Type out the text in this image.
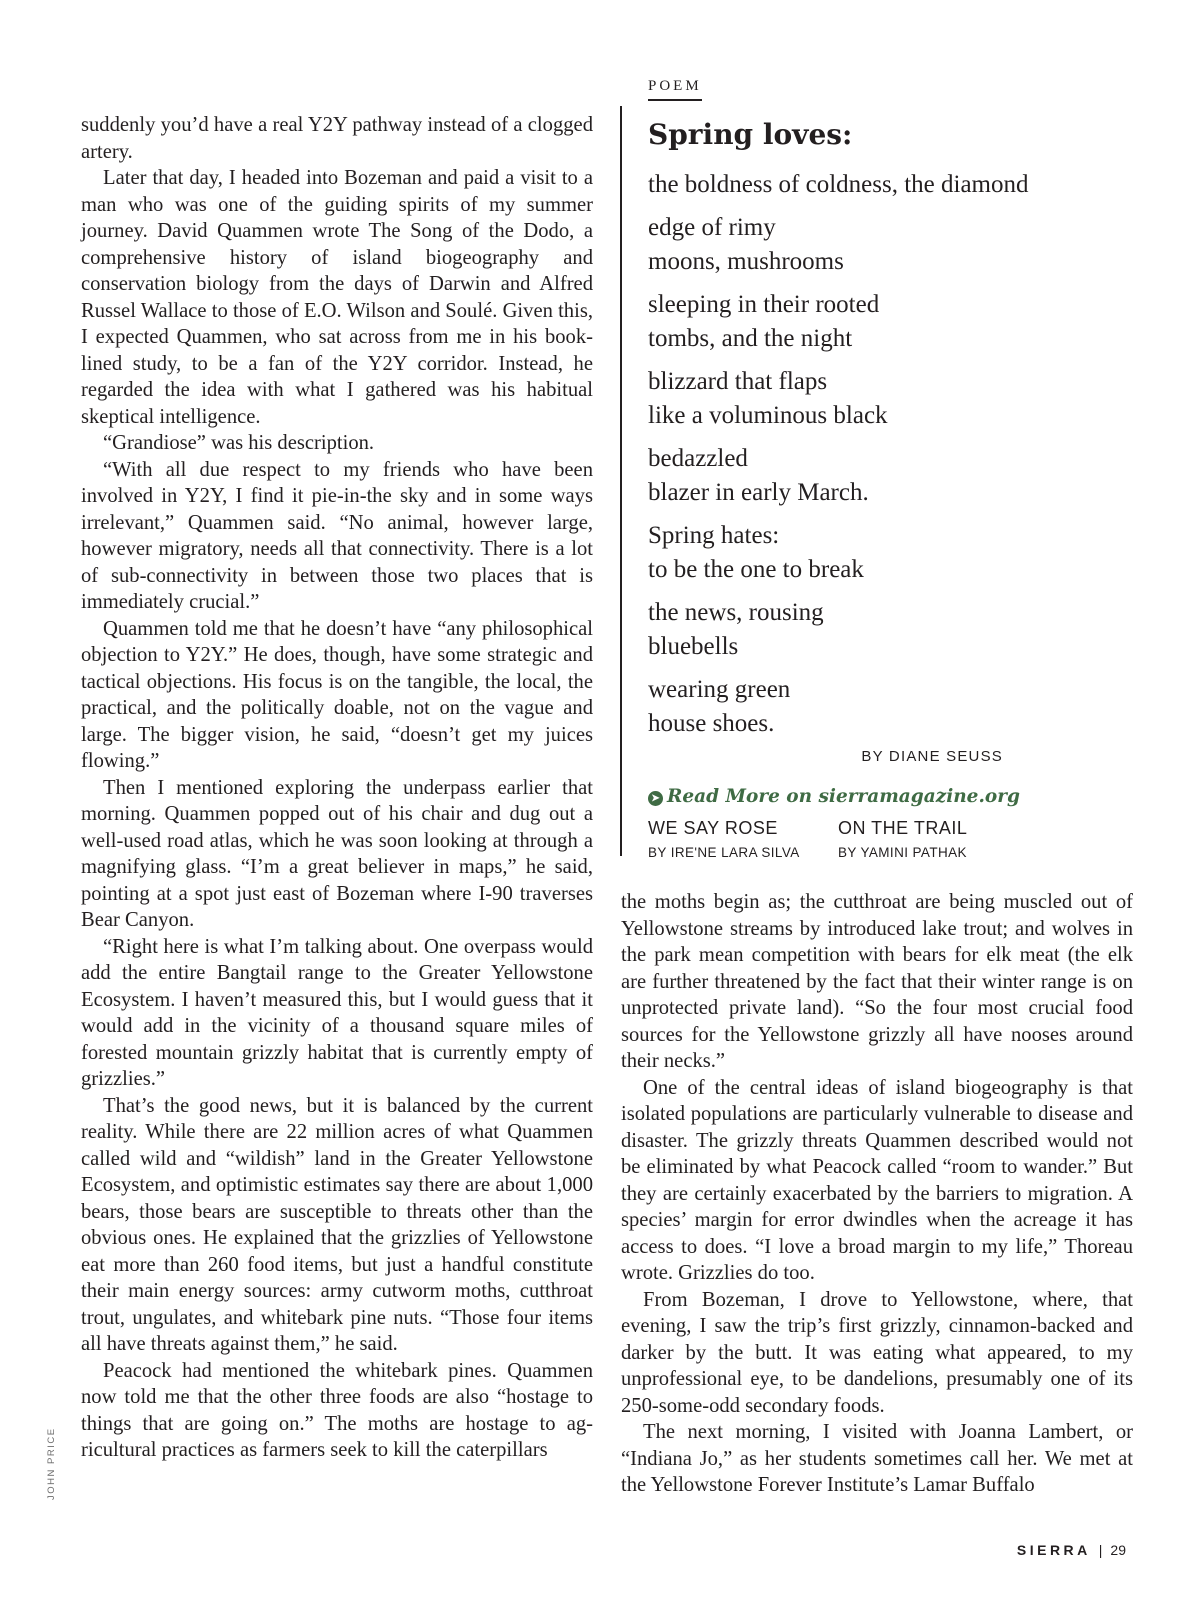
suddenly you’d have a real Y2Y pathway instead of a clogged artery.

Later that day, I headed into Bozeman and paid a visit to a man who was one of the guiding spirits of my summer journey. David Quammen wrote The Song of the Dodo, a comprehensive history of island biogeography and conservation biology from the days of Darwin and Alfred Russel Wallace to those of E.O. Wilson and Soulé. Given this, I expected Quammen, who sat across from me in his book-lined study, to be a fan of the Y2Y corridor. Instead, he regarded the idea with what I gathered was his habitual skeptical intelligence.

“Grandiose” was his description.

“With all due respect to my friends who have been involved in Y2Y, I find it pie-in-the sky and in some ways irrelevant,” Quammen said. “No animal, however large, however migratory, needs all that connectivity. There is a lot of sub-connectivity in between those two places that is immediately crucial.”

Quammen told me that he doesn’t have “any philosophical objection to Y2Y.” He does, though, have some strategic and tactical objections. His focus is on the tangible, the local, the practical, and the politically doable, not on the vague and large. The bigger vision, he said, “doesn’t get my juices flowing.”

Then I mentioned exploring the underpass earlier that morning. Quammen popped out of his chair and dug out a well-used road atlas, which he was soon looking at through a magnifying glass. “I’m a great believer in maps,” he said, pointing at a spot just east of Bozeman where I-90 traverses Bear Canyon.

“Right here is what I’m talking about. One overpass would add the entire Bangtail range to the Greater Yellowstone Ecosystem. I haven’t measured this, but I would guess that it would add in the vicinity of a thousand square miles of forested mountain grizzly habitat that is currently empty of grizzlies.”

That’s the good news, but it is balanced by the current reality. While there are 22 million acres of what Quammen called wild and “wildish” land in the Greater Yellowstone Ecosystem, and optimistic estimates say there are about 1,000 bears, those bears are susceptible to threats other than the obvious ones. He explained that the grizzlies of Yellowstone eat more than 260 food items, but just a handful constitute their main energy sources: army cutworm moths, cutthroat trout, ungulates, and whitebark pine nuts. “Those four items all have threats against them,” he said.

Peacock had mentioned the whitebark pines. Quammen now told me that the other three foods are also “hostage to things that are going on.” The moths are hostage to agricultural practices as farmers seek to kill the caterpillars

POEM
Spring loves:
the boldness of coldness, the diamond
edge of rimy
moons, mushrooms
sleeping in their rooted
tombs, and the night
blizzard that flaps
like a voluminous black
bedazzled
blazer in early March.
Spring hates:
to be the one to break
the news, rousing
bluebells
wearing green
house shoes.
BY DIANE SEUSS
➤ Read More on sierramagazine.org
WE SAY ROSE
BY IRE'NE LARA SILVA
ON THE TRAIL
BY YAMINI PATHAK

the moths begin as; the cutthroat are being muscled out of Yellowstone streams by introduced lake trout; and wolves in the park mean competition with bears for elk meat (the elk are further threatened by the fact that their winter range is on unprotected private land). “So the four most crucial food sources for the Yellowstone grizzly all have nooses around their necks.”

One of the central ideas of island biogeography is that isolated populations are particularly vulnerable to disease and disaster. The grizzly threats Quammen described would not be eliminated by what Peacock called “room to wander.” But they are certainly exacerbated by the barriers to migration. A species’ margin for error dwindles when the acreage it has access to does. “I love a broad margin to my life,” Thoreau wrote. Grizzlies do too.

From Bozeman, I drove to Yellowstone, where, that evening, I saw the trip’s first grizzly, cinnamon-backed and darker by the butt. It was eating what appeared, to my unprofessional eye, to be dandelions, presumably one of its 250-some-odd secondary foods.

The next morning, I visited with Joanna Lambert, or “Indiana Jo,” as her students sometimes call her. We met at the Yellowstone Forever Institute’s Lamar Buffalo

JOHN PRICE
SIERRA | 29
